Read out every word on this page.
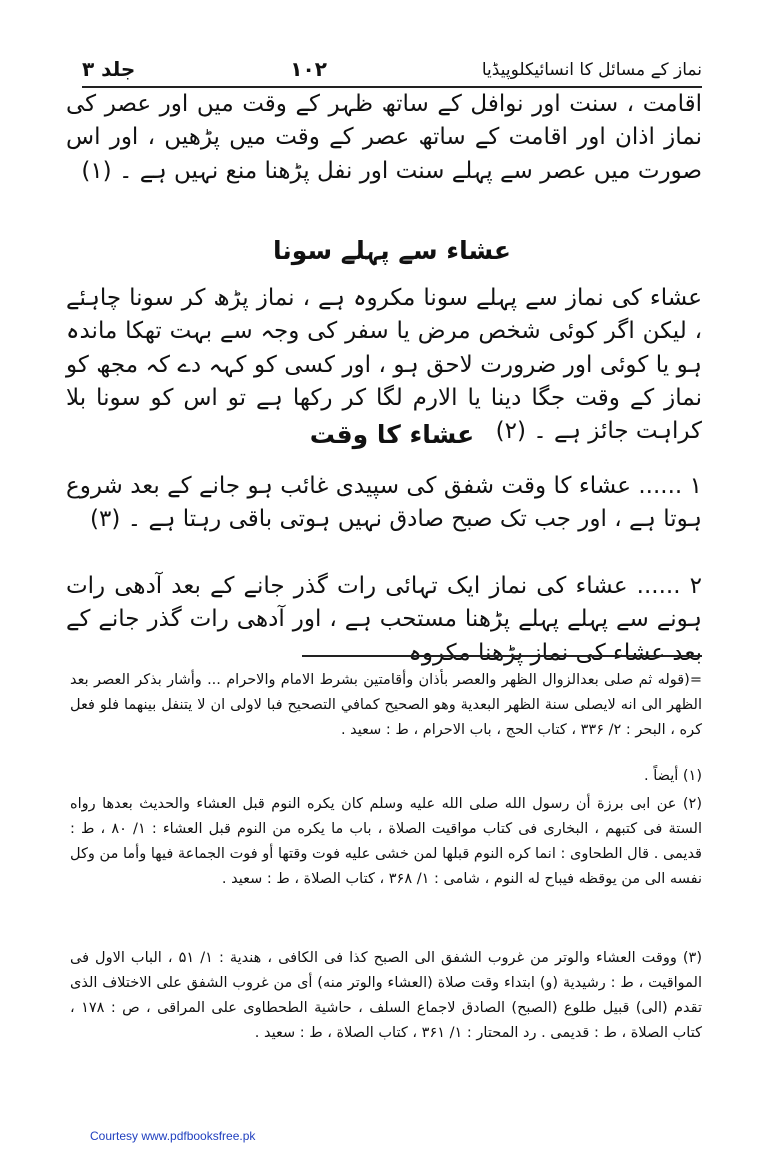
جلد ۳	۱۰۲	نماز کے مسائل کا انسائیکلوپیڈیا

اقامت ، سنت اور نوافل کے ساتھ ظہر کے وقت میں اور عصر کی نماز اذان اور اقامت کے ساتھ عصر کے وقت میں پڑھیں ، اور اس صورت میں عصر سے پہلے سنت اور نفل پڑھنا منع نہیں ہے ۔ (۱)

عشاء سے پہلے سونا

عشاء کی نماز سے پہلے سونا مکروہ ہے ، نماز پڑھ کر سونا چاہئے ، لیکن اگر کوئی شخص مرض یا سفر کی وجہ سے بہت تھکا ماندہ ہو یا کوئی اور ضرورت لاحق ہو ، اور کسی کو کہہ دے کہ مجھ کو نماز کے وقت جگا دینا یا الارم لگا کر رکھا ہے تو اس کو سونا بلا کراہت جائز ہے ۔ (۲)

عشاء کا وقت

۱ ...... عشاء کا وقت شفق کی سپیدی غائب ہو جانے کے بعد شروع ہوتا ہے ، اور جب تک صبح صادق نہیں ہوتی باقی رہتا ہے ۔ (۳)

۲ ...... عشاء کی نماز ایک تہائی رات گذر جانے کے بعد آدھی رات ہونے سے پہلے پہلے پڑھنا مستحب ہے ، اور آدھی رات گذر جانے کے بعد عشاء کی نماز پڑھنا مکروہ

=(قوله ثم صلى بعدالزوال الظهر والعصر بأذان وأقامتين بشرط الامام والاحرام ... وأشار بذكر العصر بعد الظهر الى انه لايصلى سنة الظهر البعدية وهو الصحيح كمافي التصحيح فبا لاولى ان لا يتنفل بينهما فلو فعل كره ، البحر : ۲/ ۳۳۶ ، كتاب الحج ، باب الاحرام ، ط : سعيد .

(۱) أيضاً .

(۲) عن ابى برزة أن رسول الله صلى الله عليه وسلم كان يكره النوم قبل العشاء والحديث بعدها رواه الستة فى كتبهم ، البخارى فى كتاب مواقيت الصلاة ، باب ما يكره من النوم قبل العشاء : ۱/ ۸۰ ، ط : قديمى . قال الطحاوى : انما كره النوم قبلها لمن خشى عليه فوت وقتها أو فوت الجماعة فيها وأما من وكل نفسه الى من يوقظه فيباح له النوم ، شامى : ۱/ ۳۶۸ ، كتاب الصلاة ، ط : سعيد .

(۳) ووقت العشاء والوتر من غروب الشفق الى الصبح كذا فى الكافى ، هندية : ۱/ ۵۱ ، الباب الاول فى المواقيت ، ط : رشيدية (و) ابتداء وقت صلاة (العشاء والوتر منه) أى من غروب الشفق على الاختلاف الذى تقدم (الى) قبيل طلوع (الصبح) الصادق لاجماع السلف ، حاشية الطحطاوى على المراقى ، ص : ۱۷۸ ، كتاب الصلاة ، ط : قديمى . رد المحتار : ۱/ ۳۶۱ ، كتاب الصلاة ، ط : سعيد .

Courtesy www.pdfbooksfree.pk
